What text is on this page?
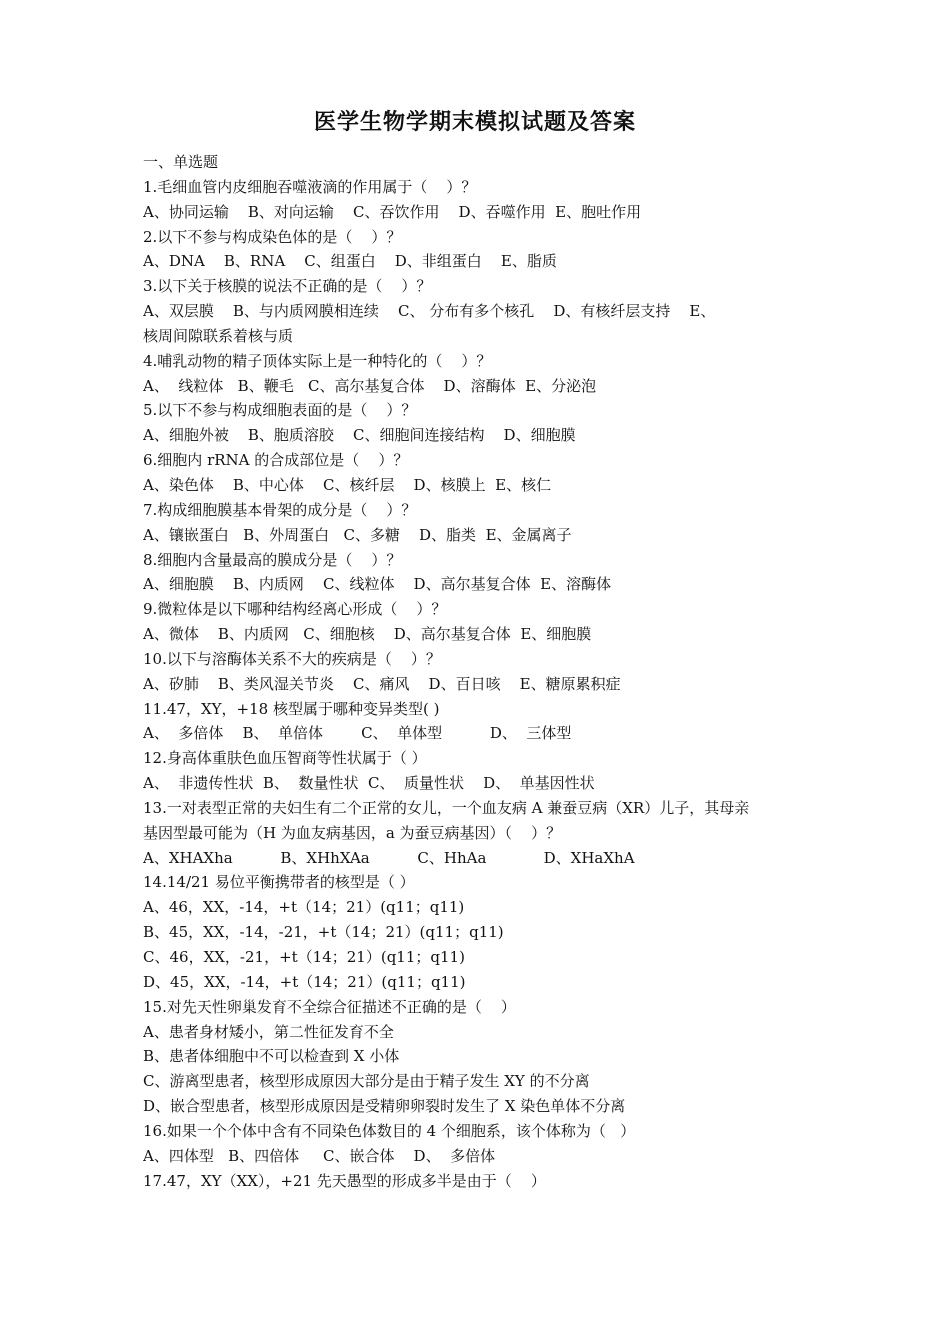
医学生物学期末模拟试题及答案
一、单选题
1.毛细血管内皮细胞吞噬液滴的作用属于（    ）？
A、协同运输    B、对向运输    C、吞饮作用    D、吞噬作用  E、胞吐作用
2.以下不参与构成染色体的是（    ）？
A、DNA    B、RNA    C、组蛋白    D、非组蛋白    E、脂质
3.以下关于核膜的说法不正确的是（    ）？
A、双层膜    B、与内质网膜相连续    C、 分布有多个核孔    D、有核纤层支持    E、
核周间隙联系着核与质
4.哺乳动物的精子顶体实际上是一种特化的（    ）？
A、  线粒体   B、鞭毛   C、高尔基复合体    D、溶酶体  E、分泌泡
5.以下不参与构成细胞表面的是（    ）？
A、细胞外被    B、胞质溶胶    C、细胞间连接结构    D、细胞膜
6.细胞内 rRNA 的合成部位是（    ）？
A、染色体    B、中心体    C、核纤层    D、核膜上  E、核仁
7.构成细胞膜基本骨架的成分是（    ）？
A、镶嵌蛋白   B、外周蛋白   C、多糖    D、脂类  E、金属离子
8.细胞内含量最高的膜成分是（    ）？
A、细胞膜    B、内质网    C、线粒体    D、高尔基复合体  E、溶酶体
9.微粒体是以下哪种结构经离心形成（    ）？
A、微体    B、内质网   C、细胞核    D、高尔基复合体  E、细胞膜
10.以下与溶酶体关系不大的疾病是（    ）？
A、矽肺    B、类风湿关节炎    C、痛风    D、百日咳    E、糖原累积症
11.47，XY，+18 核型属于哪种变异类型( )
A、  多倍体    B、  单倍体        C、  单体型          D、  三体型
12.身高体重肤色血压智商等性状属于（ ）
A、  非遗传性状  B、  数量性状  C、  质量性状    D、  单基因性状
13.一对表型正常的夫妇生有二个正常的女儿，一个血友病 A 兼蚕豆病（XR）儿子，其母亲
基因型最可能为（H 为血友病基因，a 为蚕豆病基因）（    ）？
A、XHAXha          B、XHhXAa          C、HhAa            D、XHaXhA
14.14/21 易位平衡携带者的核型是（ ）
A、46，XX，-14，+t（14；21）(q11；q11)
B、45，XX，-14，-21，+t（14；21）(q11；q11)
C、46，XX，-21，+t（14；21）(q11；q11)
D、45，XX，-14，+t（14；21）(q11；q11)
15.对先天性卵巢发育不全综合征描述不正确的是（    ）
A、患者身材矮小，第二性征发育不全
B、患者体细胞中不可以检查到 X 小体
C、游离型患者，核型形成原因大部分是由于精子发生 XY 的不分离
D、嵌合型患者，核型形成原因是受精卵卵裂时发生了 X 染色单体不分离
16.如果一个个体中含有不同染色体数目的 4 个细胞系，该个体称为（   ）
A、四体型   B、四倍体     C、嵌合体    D、  多倍体
17.47，XY（XX），+21 先天愚型的形成多半是由于（    ）
